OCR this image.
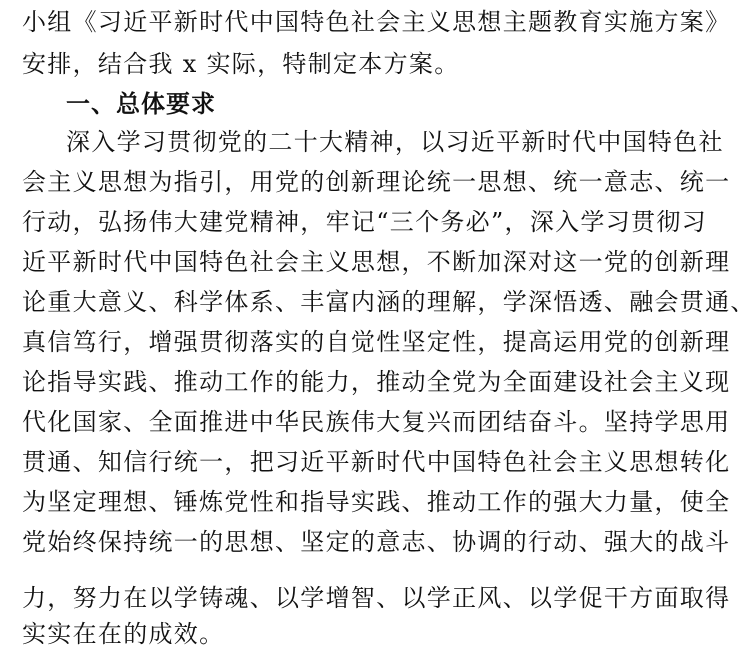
小组《习近平新时代中国特色社会主义思想主题教育实施方案》
安排，结合我 x 实际，特制定本方案。
一、总体要求
深入学习贯彻党的二十大精神，以习近平新时代中国特色社
会主义思想为指引，用党的创新理论统一思想、统一意志、统一
行动，弘扬伟大建党精神，牢记“三个务必”，深入学习贯彻习
近平新时代中国特色社会主义思想，不断加深对这一党的创新理
论重大意义、科学体系、丰富内涵的理解，学深悟透、融会贯通、
真信笃行，增强贯彻落实的自觉性坚定性，提高运用党的创新理
论指导实践、推动工作的能力，推动全党为全面建设社会主义现
代化国家、全面推进中华民族伟大复兴而团结奋斗。坚持学思用
贯通、知信行统一，把习近平新时代中国特色社会主义思想转化
为坚定理想、锤炼党性和指导实践、推动工作的强大力量，使全
党始终保持统一的思想、坚定的意志、协调的行动、强大的战斗
力，努力在以学铸魂、以学增智、以学正风、以学促干方面取得
实实在在的成效。
